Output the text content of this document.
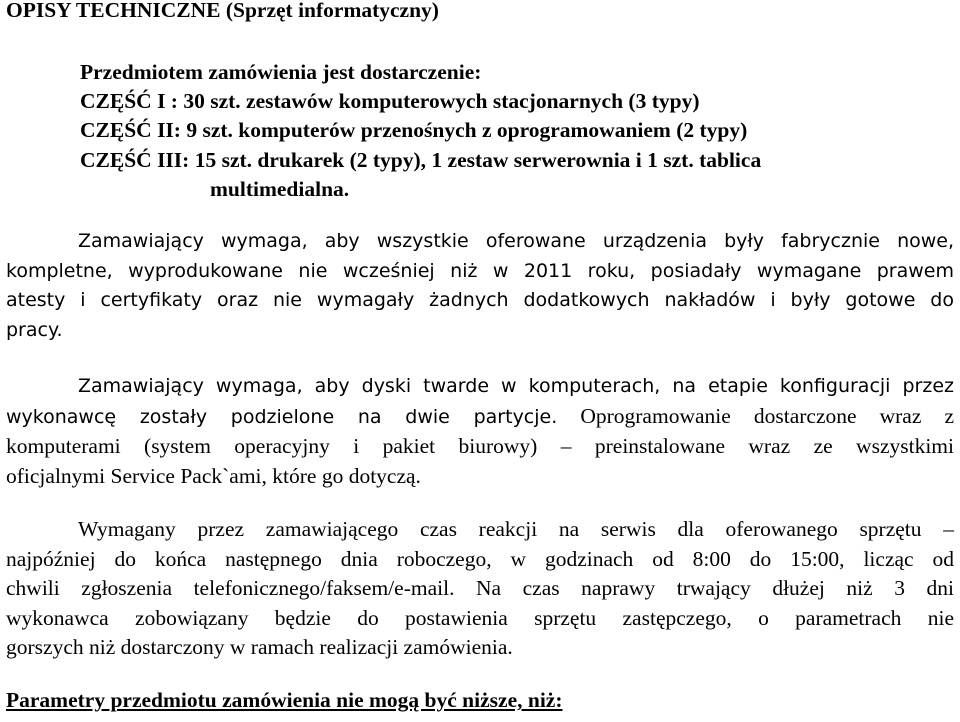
OPISY TECHNICZNE (Sprzęt informatyczny)
Przedmiotem zamówienia jest dostarczenie:
CZĘŚĆ I : 30 szt. zestawów komputerowych stacjonarnych (3 typy)
CZĘŚĆ II: 9 szt. komputerów przenośnych z oprogramowaniem (2 typy)
CZĘŚĆ III: 15 szt. drukarek (2 typy), 1 zestaw serwerownia i 1 szt. tablica
multimedialna.
Zamawiający wymaga, aby wszystkie oferowane urządzenia były fabrycznie nowe,
kompletne, wyprodukowane nie wcześniej niż w 2011 roku, posiadały wymagane prawem
atesty i certyfikaty oraz nie wymagały żadnych dodatkowych nakładów i były gotowe do
pracy.
Zamawiający wymaga, aby dyski twarde w komputerach, na etapie konfiguracji przez
wykonawcę zostały podzielone na dwie partycje. Oprogramowanie dostarczone wraz z
komputerami (system operacyjny i pakiet biurowy) – preinstalowane wraz ze wszystkimi
oficjalnymi Service Pack`ami, które go dotyczą.
Wymagany przez zamawiającego czas reakcji na serwis dla oferowanego sprzętu –
najpóźniej do końca następnego dnia roboczego, w godzinach od 8:00 do 15:00, licząc od
chwili zgłoszenia telefonicznego/faksem/e-mail. Na czas naprawy trwający dłużej niż 3 dni
wykonawca zobowiązany będzie do postawienia sprzętu zastępczego, o parametrach nie
gorszych niż dostarczony w ramach realizacji zamówienia.
Parametry przedmiotu zamówienia nie mogą być niższe, niż:
